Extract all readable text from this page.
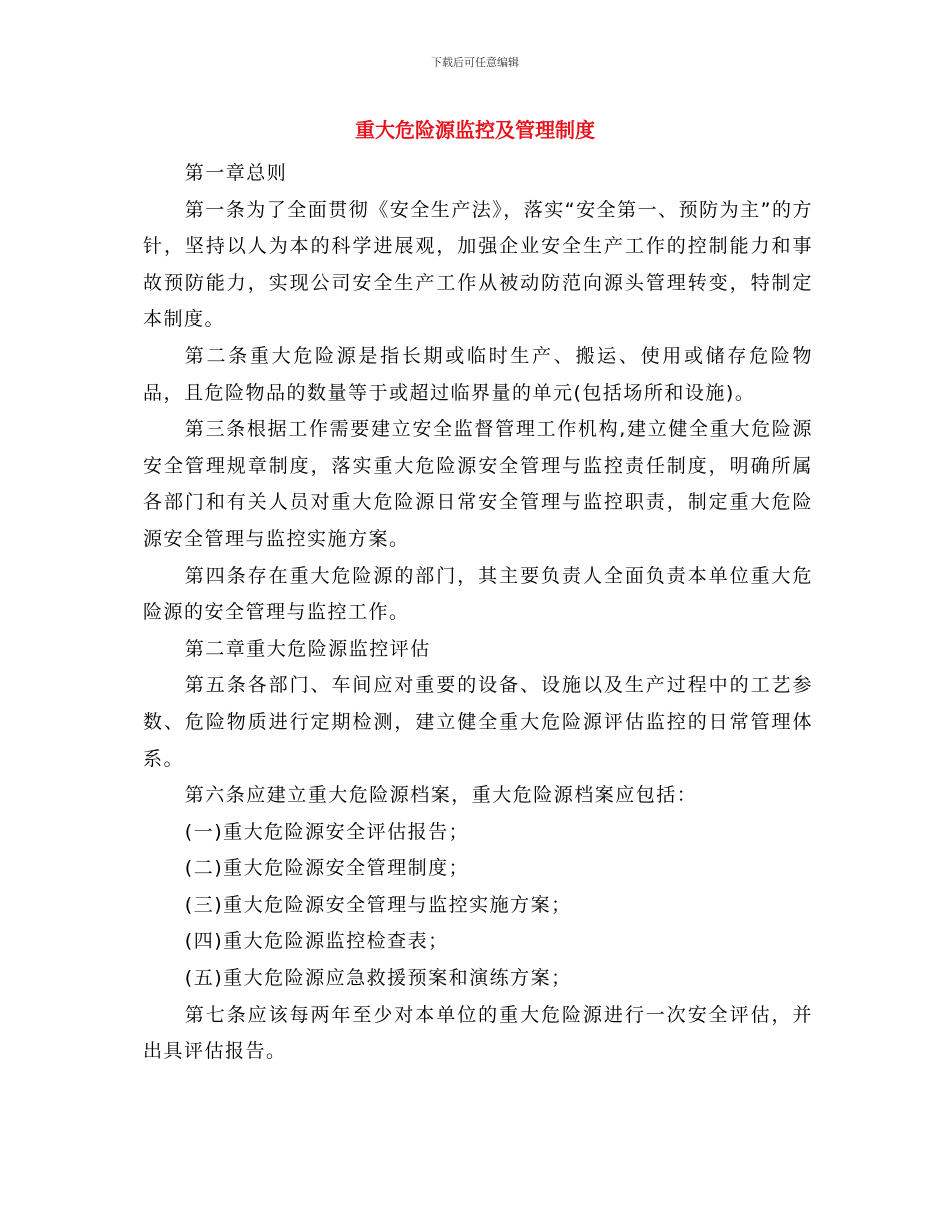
下载后可任意编辑
重大危险源监控及管理制度

第一章总则

第一条为了全面贯彻《安全生产法》，落实“安全第一、预防为主”的方针，坚持以人为本的科学进展观，加强企业安全生产工作的控制能力和事故预防能力，实现公司安全生产工作从被动防范向源头管理转变，特制定本制度。

第二条重大危险源是指长期或临时生产、搬运、使用或储存危险物品，且危险物品的数量等于或超过临界量的单元(包括场所和设施)。

第三条根据工作需要建立安全监督管理工作机构,建立健全重大危险源安全管理规章制度，落实重大危险源安全管理与监控责任制度，明确所属各部门和有关人员对重大危险源日常安全管理与监控职责，制定重大危险源安全管理与监控实施方案。

第四条存在重大危险源的部门，其主要负责人全面负责本单位重大危险源的安全管理与监控工作。

第二章重大危险源监控评估

第五条各部门、车间应对重要的设备、设施以及生产过程中的工艺参数、危险物质进行定期检测，建立健全重大危险源评估监控的日常管理体系。

第六条应建立重大危险源档案，重大危险源档案应包括：

(一)重大危险源安全评估报告；

(二)重大危险源安全管理制度；

(三)重大危险源安全管理与监控实施方案；

(四)重大危险源监控检查表；

(五)重大危险源应急救援预案和演练方案；

第七条应该每两年至少对本单位的重大危险源进行一次安全评估，并出具评估报告。
